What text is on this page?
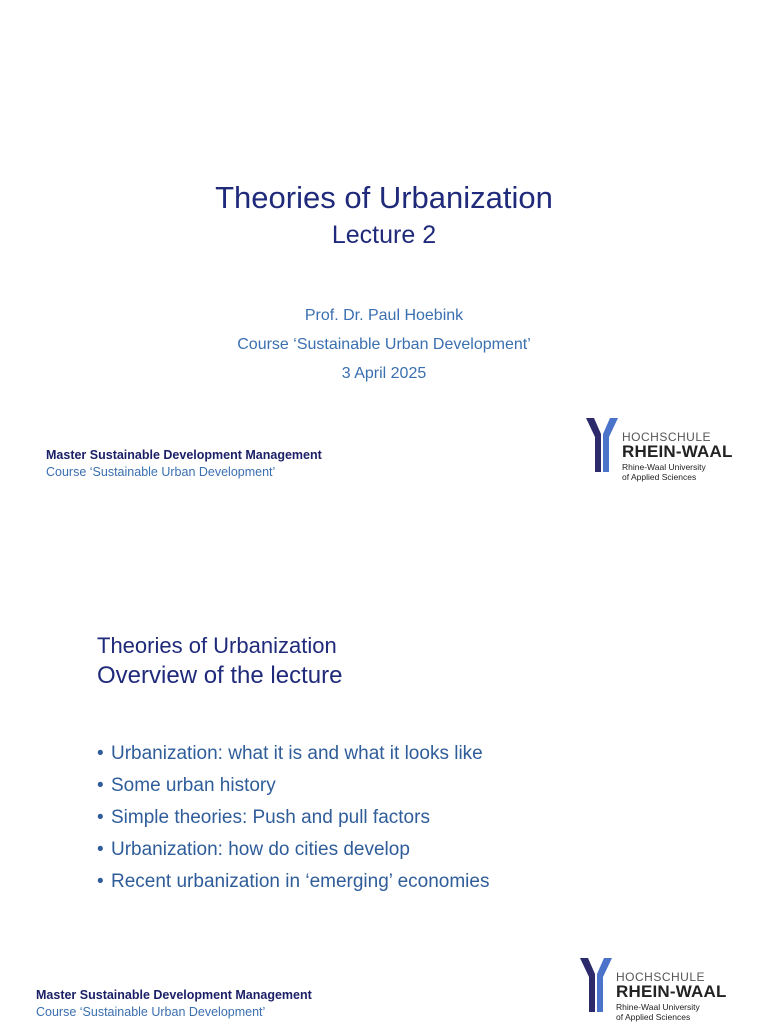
Theories of Urbanization
Lecture 2
Prof. Dr. Paul Hoebink
Course ‘Sustainable Urban Development’
3 April 2025
Master Sustainable Development Management
Course ‘Sustainable Urban Development’
HOCHSCHULE
RHEIN-WAAL
Rhine-Waal University
of Applied Sciences
Theories of Urbanization
Overview of the lecture
• Urbanization: what it is and what it looks like
• Some urban history
• Simple theories: Push and pull factors
• Urbanization: how do cities develop
• Recent urbanization in ‘emerging’ economies
Master Sustainable Development Management
Course ‘Sustainable Urban Development’
HOCHSCHULE
RHEIN-WAAL
Rhine-Waal University
of Applied Sciences
